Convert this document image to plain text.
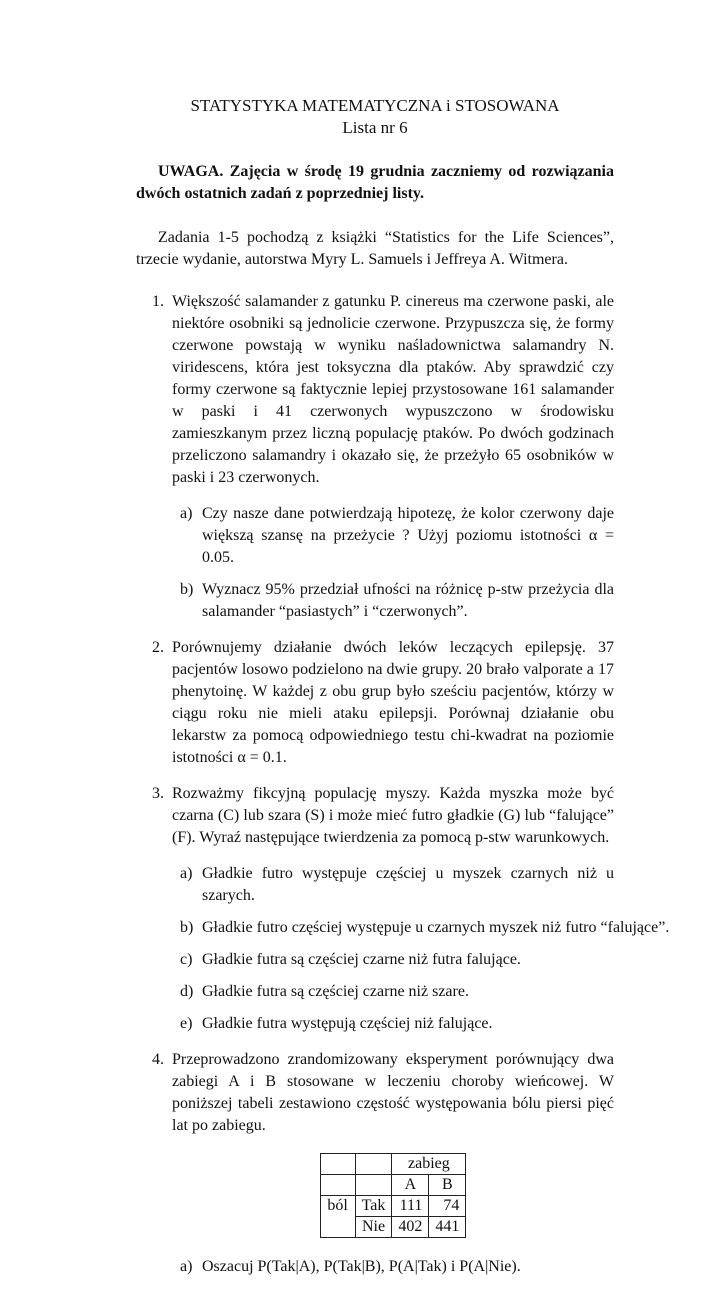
STATYSTYKA MATEMATYCZNA i STOSOWANA
Lista nr 6

UWAGA. Zajęcia w środę 19 grudnia zaczniemy od rozwiązania dwóch ostatnich zadań z poprzedniej listy.

Zadania 1-5 pochodzą z książki “Statistics for the Life Sciences”, trzecie wydanie, autorstwa Myry L. Samuels i Jeffreya A. Witmera.

1. Większość salamander z gatunku P. cinereus ma czerwone paski, ale niektóre osobniki są jednolicie czerwone. Przypuszcza się, że formy czerwone powstają w wyniku naśladownictwa salamandry N. viridescens, która jest toksyczna dla ptaków. Aby sprawdzić czy formy czerwone są faktycznie lepiej przystosowane 161 salamander w paski i 41 czerwonych wypuszczono w środowisku zamieszkanym przez liczną populację ptaków. Po dwóch godzinach przeliczono salamandry i okazało się, że przeżyło 65 osobników w paski i 23 czerwonych.
a) Czy nasze dane potwierdzają hipotezę, że kolor czerwony daje większą szansę na przeżycie ? Użyj poziomu istotności α = 0.05.
b) Wyznacz 95% przedział ufności na różnicę p-stw przeżycia dla salamander “pasiastych” i “czerwonych”.
2. Porównujemy działanie dwóch leków leczących epilepsję. 37 pacjentów losowo podzielono na dwie grupy. 20 brało valporate a 17 phenytoinę. W każdej z obu grup było sześciu pacjentów, którzy w ciągu roku nie mieli ataku epilepsji. Porównaj działanie obu lekarstw za pomocą odpowiedniego testu chi-kwadrat na poziomie istotności α = 0.1.
3. Rozważmy fikcyjną populację myszy. Każda myszka może być czarna (C) lub szara (S) i może mieć futro gładkie (G) lub “falujące” (F). Wyraź następujące twierdzenia za pomocą p-stw warunkowych.
a) Gładkie futro występuje częściej u myszek czarnych niż u szarych.
b) Gładkie futro częściej występuje u czarnych myszek niż futro “falujące”.
c) Gładkie futra są częściej czarne niż futra falujące.
d) Gładkie futra są częściej czarne niż szare.
e) Gładkie futra występują częściej niż falujące.
4. Przeprowadzono zrandomizowany eksperyment porównujący dwa zabiegi A i B stosowane w leczeniu choroby wieńcowej. W poniższej tabeli zestawiono częstość występowania bólu piersi pięć lat po zabiegu.
		zabieg	
		A	B
ból	Tak	111	74
	Nie	402	441
a) Oszacuj P(Tak|A), P(Tak|B), P(A|Tak) i P(A|Nie).
